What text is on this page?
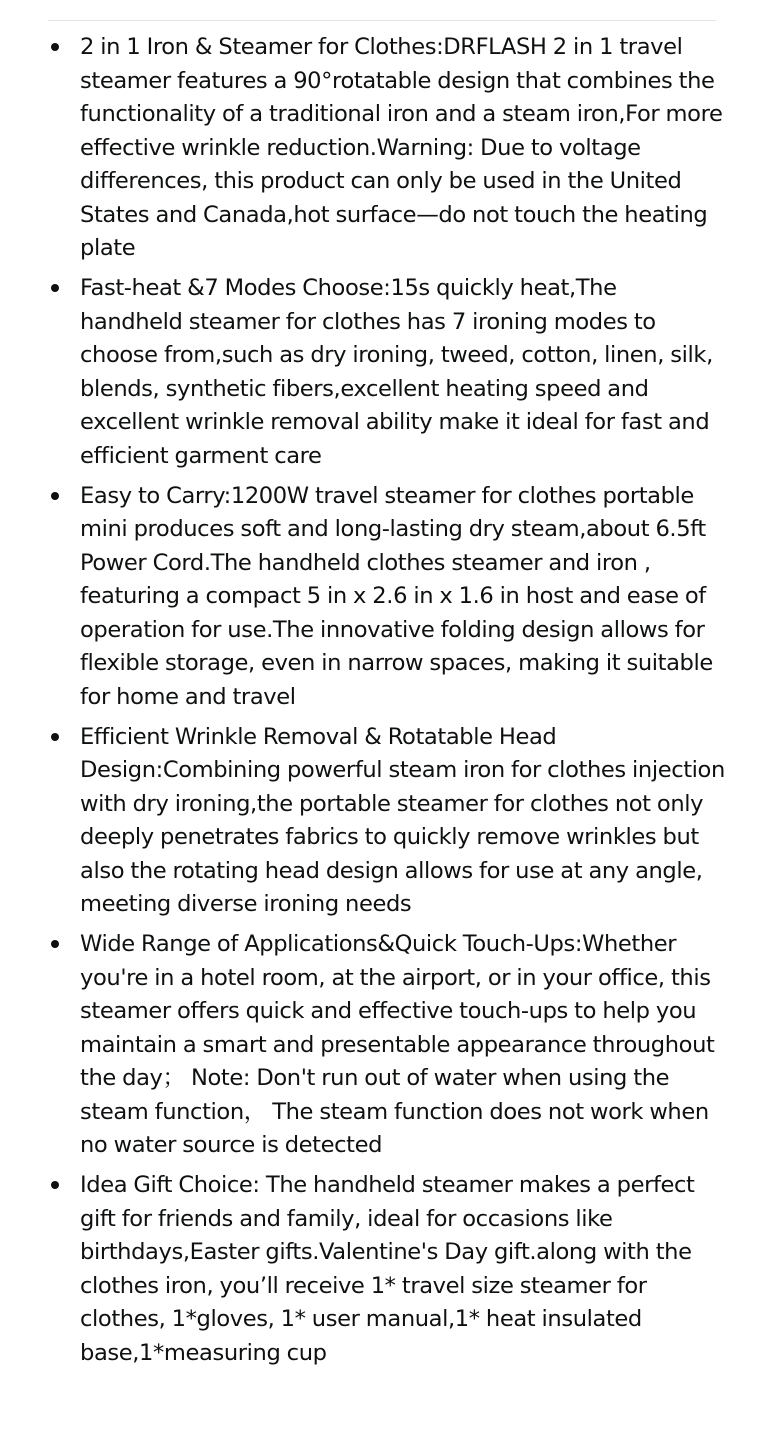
2 in 1 Iron & Steamer for Clothes:DRFLASH 2 in 1 travel steamer features a 90°rotatable design that combines the functionality of a traditional iron and a steam iron,For more effective wrinkle reduction.Warning: Due to voltage differences, this product can only be used in the United States and Canada,hot surface—do not touch the heating plate
Fast-heat &7 Modes Choose:15s quickly heat,The handheld steamer for clothes has 7 ironing modes to choose from,such as dry ironing, tweed, cotton, linen, silk, blends, synthetic fibers,excellent heating speed and excellent wrinkle removal ability make it ideal for fast and efficient garment care
Easy to Carry:1200W travel steamer for clothes portable mini produces soft and long-lasting dry steam,about 6.5ft Power Cord.The handheld clothes steamer and iron , featuring a compact 5 in x 2.6 in x 1.6 in host and ease of operation for use.The innovative folding design allows for flexible storage, even in narrow spaces, making it suitable for home and travel
Efficient Wrinkle Removal & Rotatable Head Design:Combining powerful steam iron for clothes injection with dry ironing,the portable steamer for clothes not only deeply penetrates fabrics to quickly remove wrinkles but also the rotating head design allows for use at any angle, meeting diverse ironing needs
Wide Range of Applications&Quick Touch-Ups:Whether you're in a hotel room, at the airport, or in your office, this steamer offers quick and effective touch-ups to help you maintain a smart and presentable appearance throughout the day； Note: Don't run out of water when using the steam function， The steam function does not work when no water source is detected
Idea Gift Choice: The handheld steamer makes a perfect gift for friends and family, ideal for occasions like birthdays,Easter gifts.Valentine's Day gift.along with the clothes iron, you’ll receive 1* travel size steamer for clothes, 1*gloves, 1* user manual,1* heat insulated base,1*measuring cup
